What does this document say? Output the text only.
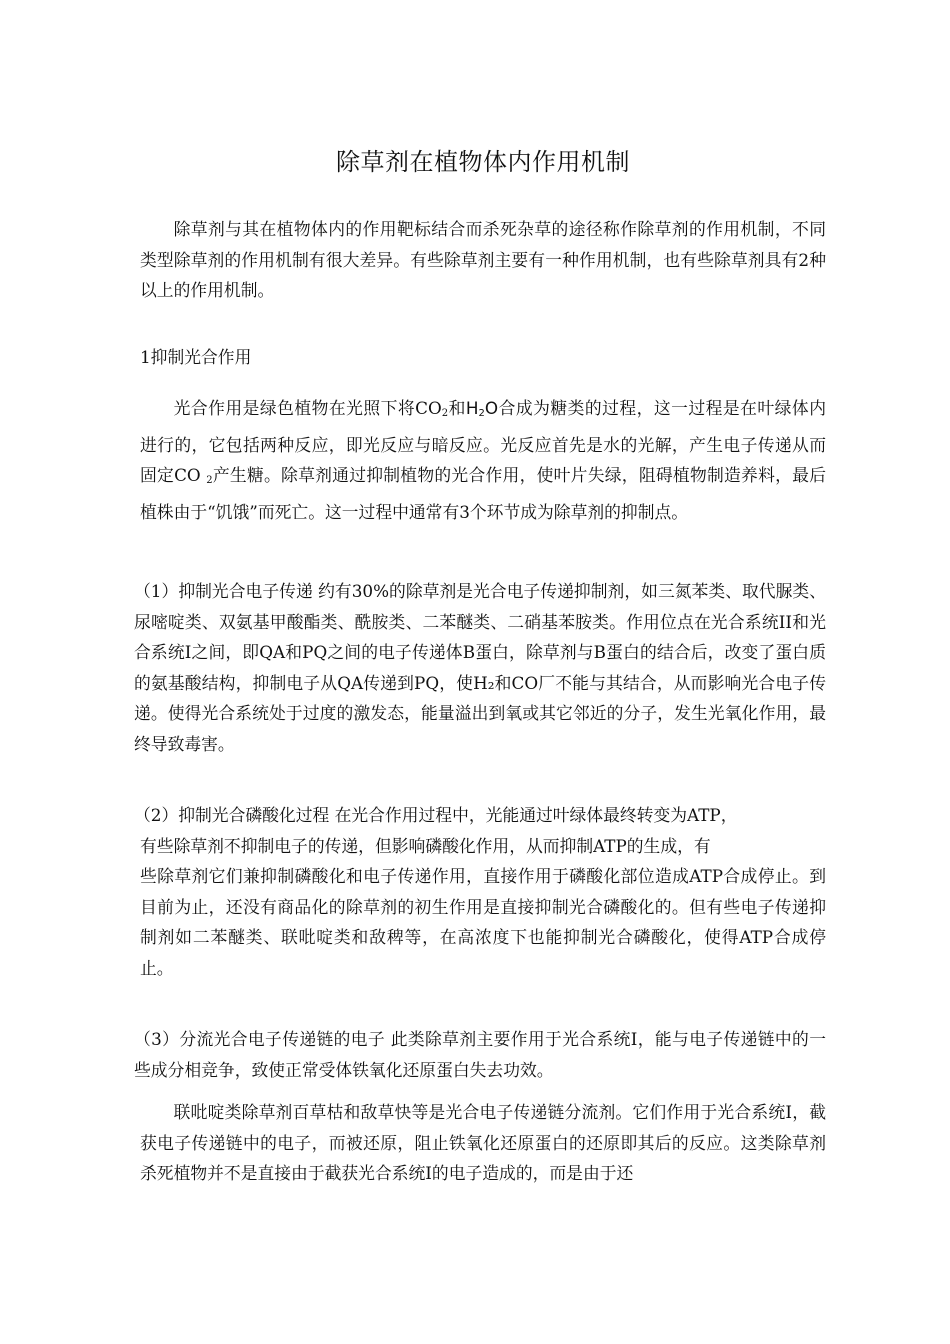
除草剂在植物体内作用机制

除草剂与其在植物体内的作用靶标结合而杀死杂草的途径称作除草剂的作用机制，不同类型除草剂的作用机制有很大差异。有些除草剂主要有一种作用机制，也有些除草剂具有2种以上的作用机制。

1抑制光合作用

光合作用是绿色植物在光照下将$CO_2$和$H_2O$合成为糖类的过程，这一过程是在叶绿体内进行的，它包括两种反应，即光反应与暗反应。光反应首先是水的光解，产生电子传递从而固定CO $_2$产生糖。除草剂通过抑制植物的光合作用，使叶片失绿，阻碍植物制造养料，最后植株由于“饥饿”而死亡。这一过程中通常有3个环节成为除草剂的抑制点。

（1）抑制光合电子传递 约有30%的除草剂是光合电子传递抑制剂，如三氮苯类、取代脲类、尿嘧啶类、双氨基甲酸酯类、酰胺类、二苯醚类、二硝基苯胺类。作用位点在光合系统II和光合系统I之间，即QA和PQ之间的电子传递体B蛋白，除草剂与B蛋白的结合后，改变了蛋白质的氨基酸结构，抑制电子从QA传递到PQ，使H₂和CO厂不能与其结合，从而影响光合电子传递。使得光合系统处于过度的激发态，能量溢出到氧或其它邻近的分子，发生光氧化作用，最终导致毒害。

（2）抑制光合磷酸化过程 在光合作用过程中，光能通过叶绿体最终转变为ATP，
有些除草剂不抑制电子的传递，但影响磷酸化作用，从而抑制ATP的生成，有

些除草剂它们兼抑制磷酸化和电子传递作用，直接作用于磷酸化部位造成ATP合成停止。到目前为止，还没有商品化的除草剂的初生作用是直接抑制光合磷酸化的。但有些电子传递抑制剂如二苯醚类、联吡啶类和敌稗等，在高浓度下也能抑制光合磷酸化，使得ATP合成停止。

（3）分流光合电子传递链的电子 此类除草剂主要作用于光合系统I，能与电子传递链中的一些成分相竞争，致使正常受体铁氧化还原蛋白失去功效。

联吡啶类除草剂百草枯和敌草快等是光合电子传递链分流剂。它们作用于光合系统I，截获电子传递链中的电子，而被还原，阻止铁氧化还原蛋白的还原即其后的反应。这类除草剂杀死植物并不是直接由于截获光合系统I的电子造成的，而是由于还
